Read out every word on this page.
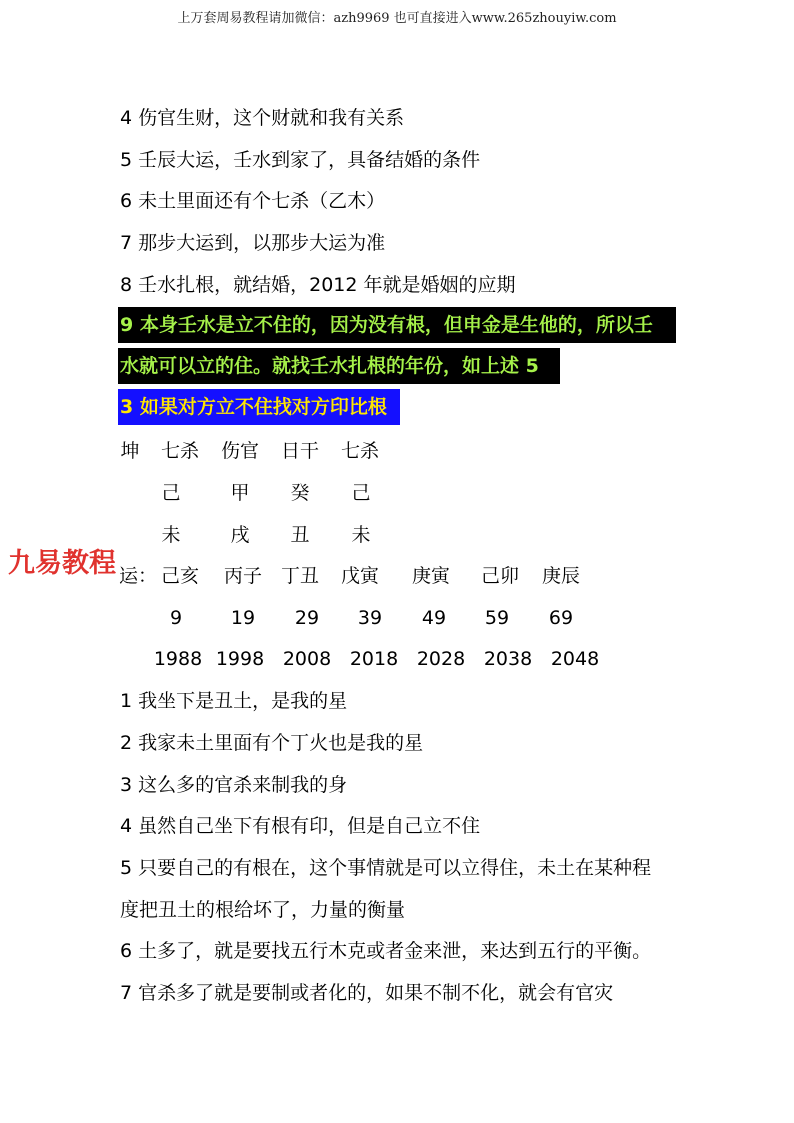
上万套周易教程请加微信：azh9969 也可直接进入www.265zhouyiw.com
4 伤官生财，这个财就和我有关系
5 壬辰大运，壬水到家了，具备结婚的条件
6 未土里面还有个七杀（乙木）
7 那步大运到，以那步大运为准
8 壬水扎根，就结婚，2012 年就是婚姻的应期
9 本身壬水是立不住的，因为没有根，但申金是生他的，所以壬
水就可以立的住。就找壬水扎根的年份，如上述 5
3 如果对方立不住找对方印比根
坤 七杀 伤官 日干 七杀
己	甲 癸 己
未	戌 丑 未
九易教程 运： 己亥 丙子 丁丑 戊寅 庚寅 己卯 庚辰
9	19 29 39 49 59 69
1988 1998 2008 2018 2028 2038 2048
1 我坐下是丑土，是我的星
2 我家未土里面有个丁火也是我的星
3 这么多的官杀来制我的身
4 虽然自己坐下有根有印，但是自己立不住
5 只要自己的有根在，这个事情就是可以立得住，未土在某种程
度把丑土的根给坏了，力量的衡量
6 土多了，就是要找五行木克或者金来泄，来达到五行的平衡。
7 官杀多了就是要制或者化的，如果不制不化，就会有官灾
